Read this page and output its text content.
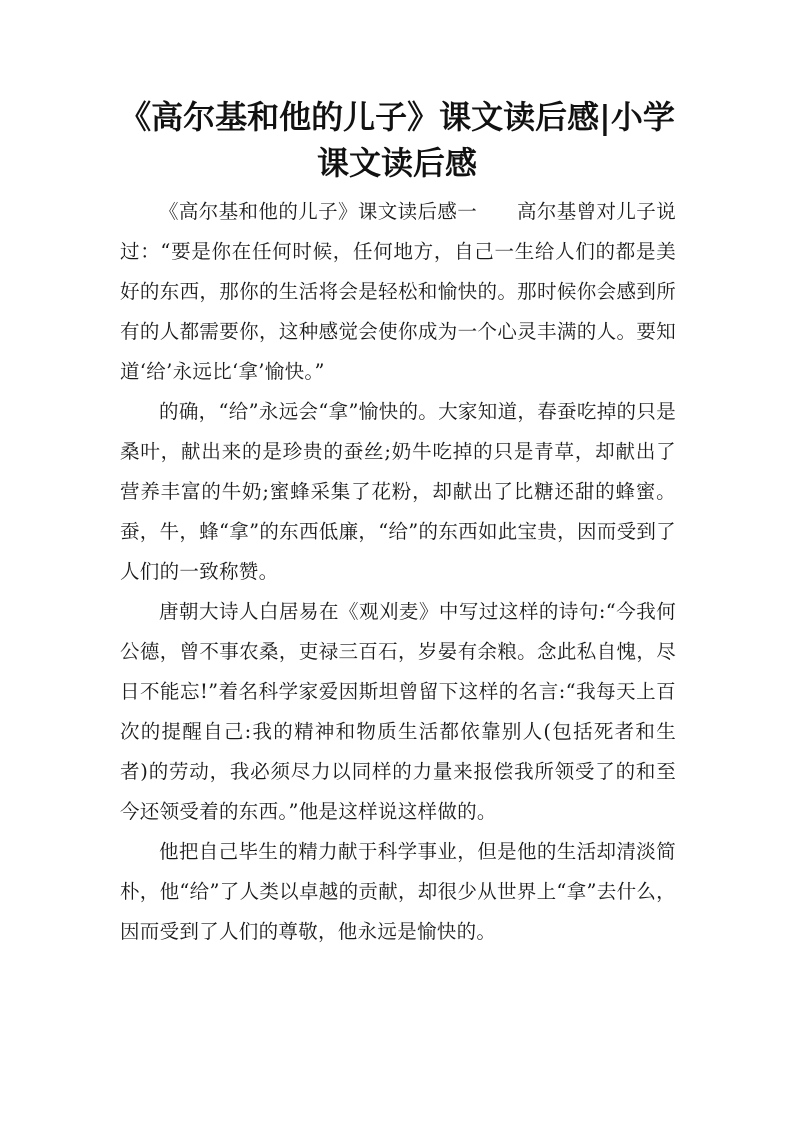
《高尔基和他的儿子》课文读后感|小学课文读后感

《高尔基和他的儿子》课文读后感一　　高尔基曾对儿子说过：“要是你在任何时候，任何地方，自己一生给人们的都是美好的东西，那你的生活将会是轻松和愉快的。那时候你会感到所有的人都需要你，这种感觉会使你成为一个心灵丰满的人。要知道‘给’永远比‘拿’愉快。”

的确，“给”永远会“拿”愉快的。大家知道，春蚕吃掉的只是桑叶，献出来的是珍贵的蚕丝;奶牛吃掉的只是青草，却献出了营养丰富的牛奶;蜜蜂采集了花粉，却献出了比糖还甜的蜂蜜。蚕，牛，蜂“拿”的东西低廉，“给”的东西如此宝贵，因而受到了人们的一致称赞。

唐朝大诗人白居易在《观刈麦》中写过这样的诗句:“今我何公德，曾不事农桑，吏禄三百石，岁晏有余粮。念此私自愧，尽日不能忘!”着名科学家爱因斯坦曾留下这样的名言:“我每天上百次的提醒自己:我的精神和物质生活都依靠别人(包括死者和生者)的劳动，我必须尽力以同样的力量来报偿我所领受了的和至今还领受着的东西。”他是这样说这样做的。

他把自己毕生的精力献于科学事业，但是他的生活却清淡简朴，他“给”了人类以卓越的贡献，却很少从世界上“拿”去什么，因而受到了人们的尊敬，他永远是愉快的。
